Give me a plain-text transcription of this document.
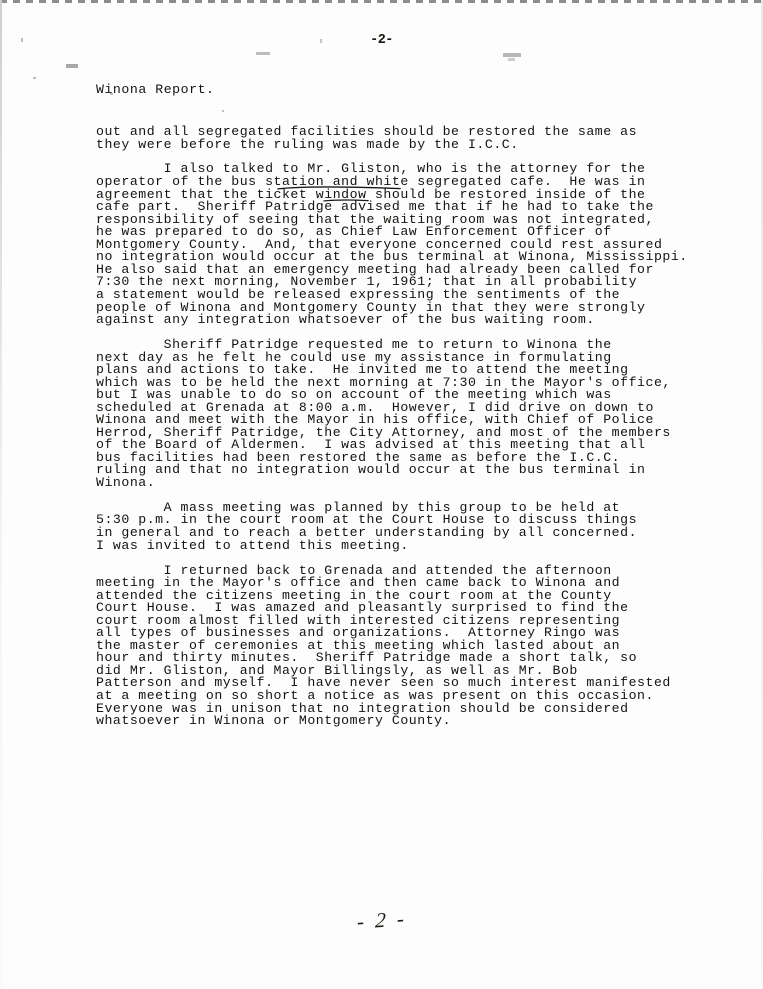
-2-
Winona Report.
out and all segregated facilities should be restored the same as
they were before the ruling was made by the I.C.C.
I also talked to Mr. Gliston, who is the attorney for the
operator of the bus station and white segregated cafe.  He was in
agreement that the ticket window should be restored inside of the
cafe part.  Sheriff Patridge advised me that if he had to take the
responsibility of seeing that the waiting room was not integrated,
he was prepared to do so, as Chief Law Enforcement Officer of
Montgomery County.  And, that everyone concerned could rest assured
no integration would occur at the bus terminal at Winona, Mississippi.
He also said that an emergency meeting had already been called for
7:30 the next morning, November 1, 1961; that in all probability
a statement would be released expressing the sentiments of the
people of Winona and Montgomery County in that they were strongly
against any integration whatsoever of the bus waiting room.
Sheriff Patridge requested me to return to Winona the
next day as he felt he could use my assistance in formulating
plans and actions to take.  He invited me to attend the meeting
which was to be held the next morning at 7:30 in the Mayor's office,
but I was unable to do so on account of the meeting which was
scheduled at Grenada at 8:00 a.m.  However, I did drive on down to
Winona and meet with the Mayor in his office, with Chief of Police
Herrod, Sheriff Patridge, the City Attorney, and most of the members
of the Board of Aldermen.  I was advised at this meeting that all
bus facilities had been restored the same as before the I.C.C.
ruling and that no integration would occur at the bus terminal in
Winona.
A mass meeting was planned by this group to be held at
5:30 p.m. in the court room at the Court House to discuss things
in general and to reach a better understanding by all concerned.
I was invited to attend this meeting.
I returned back to Grenada and attended the afternoon
meeting in the Mayor's office and then came back to Winona and
attended the citizens meeting in the court room at the County
Court House.  I was amazed and pleasantly surprised to find the
court room almost filled with interested citizens representing
all types of businesses and organizations.  Attorney Ringo was
the master of ceremonies at this meeting which lasted about an
hour and thirty minutes.  Sheriff Patridge made a short talk, so
did Mr. Gliston, and Mayor Billingsly, as well as Mr. Bob
Patterson and myself.  I have never seen so much interest manifested
at a meeting on so short a notice as was present on this occasion.
Everyone was in unison that no integration should be considered
whatsoever in Winona or Montgomery County.
- 2 -
